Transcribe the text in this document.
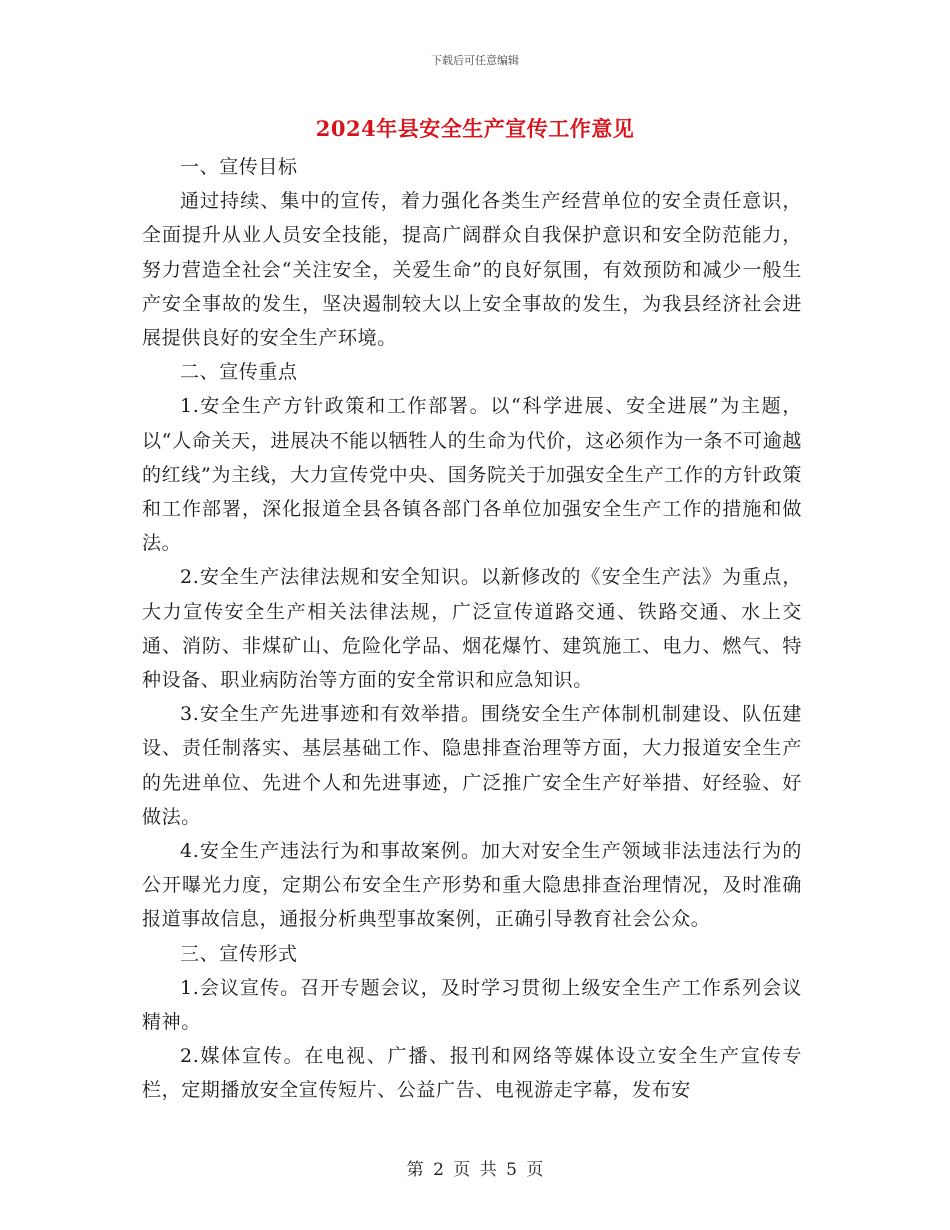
下载后可任意编辑
2024年县安全生产宣传工作意见

一、宣传目标

通过持续、集中的宣传，着力强化各类生产经营单位的安全责任意识，全面提升从业人员安全技能，提高广阔群众自我保护意识和安全防范能力，努力营造全社会“关注安全，关爱生命”的良好氛围，有效预防和减少一般生产安全事故的发生，坚决遏制较大以上安全事故的发生，为我县经济社会进展提供良好的安全生产环境。

二、宣传重点

1.安全生产方针政策和工作部署。以“科学进展、安全进展”为主题，以“人命关天，进展决不能以牺牲人的生命为代价，这必须作为一条不可逾越的红线”为主线，大力宣传党中央、国务院关于加强安全生产工作的方针政策和工作部署，深化报道全县各镇各部门各单位加强安全生产工作的措施和做法。

2.安全生产法律法规和安全知识。以新修改的《安全生产法》为重点，大力宣传安全生产相关法律法规，广泛宣传道路交通、铁路交通、水上交通、消防、非煤矿山、危险化学品、烟花爆竹、建筑施工、电力、燃气、特种设备、职业病防治等方面的安全常识和应急知识。

3.安全生产先进事迹和有效举措。围绕安全生产体制机制建设、队伍建设、责任制落实、基层基础工作、隐患排查治理等方面，大力报道安全生产的先进单位、先进个人和先进事迹，广泛推广安全生产好举措、好经验、好做法。

4.安全生产违法行为和事故案例。加大对安全生产领域非法违法行为的公开曝光力度，定期公布安全生产形势和重大隐患排查治理情况，及时准确报道事故信息，通报分析典型事故案例，正确引导教育社会公众。

三、宣传形式

1.会议宣传。召开专题会议，及时学习贯彻上级安全生产工作系列会议精神。

2.媒体宣传。在电视、广播、报刊和网络等媒体设立安全生产宣传专栏，定期播放安全宣传短片、公益广告、电视游走字幕，发布安

第 2 页 共 5 页
